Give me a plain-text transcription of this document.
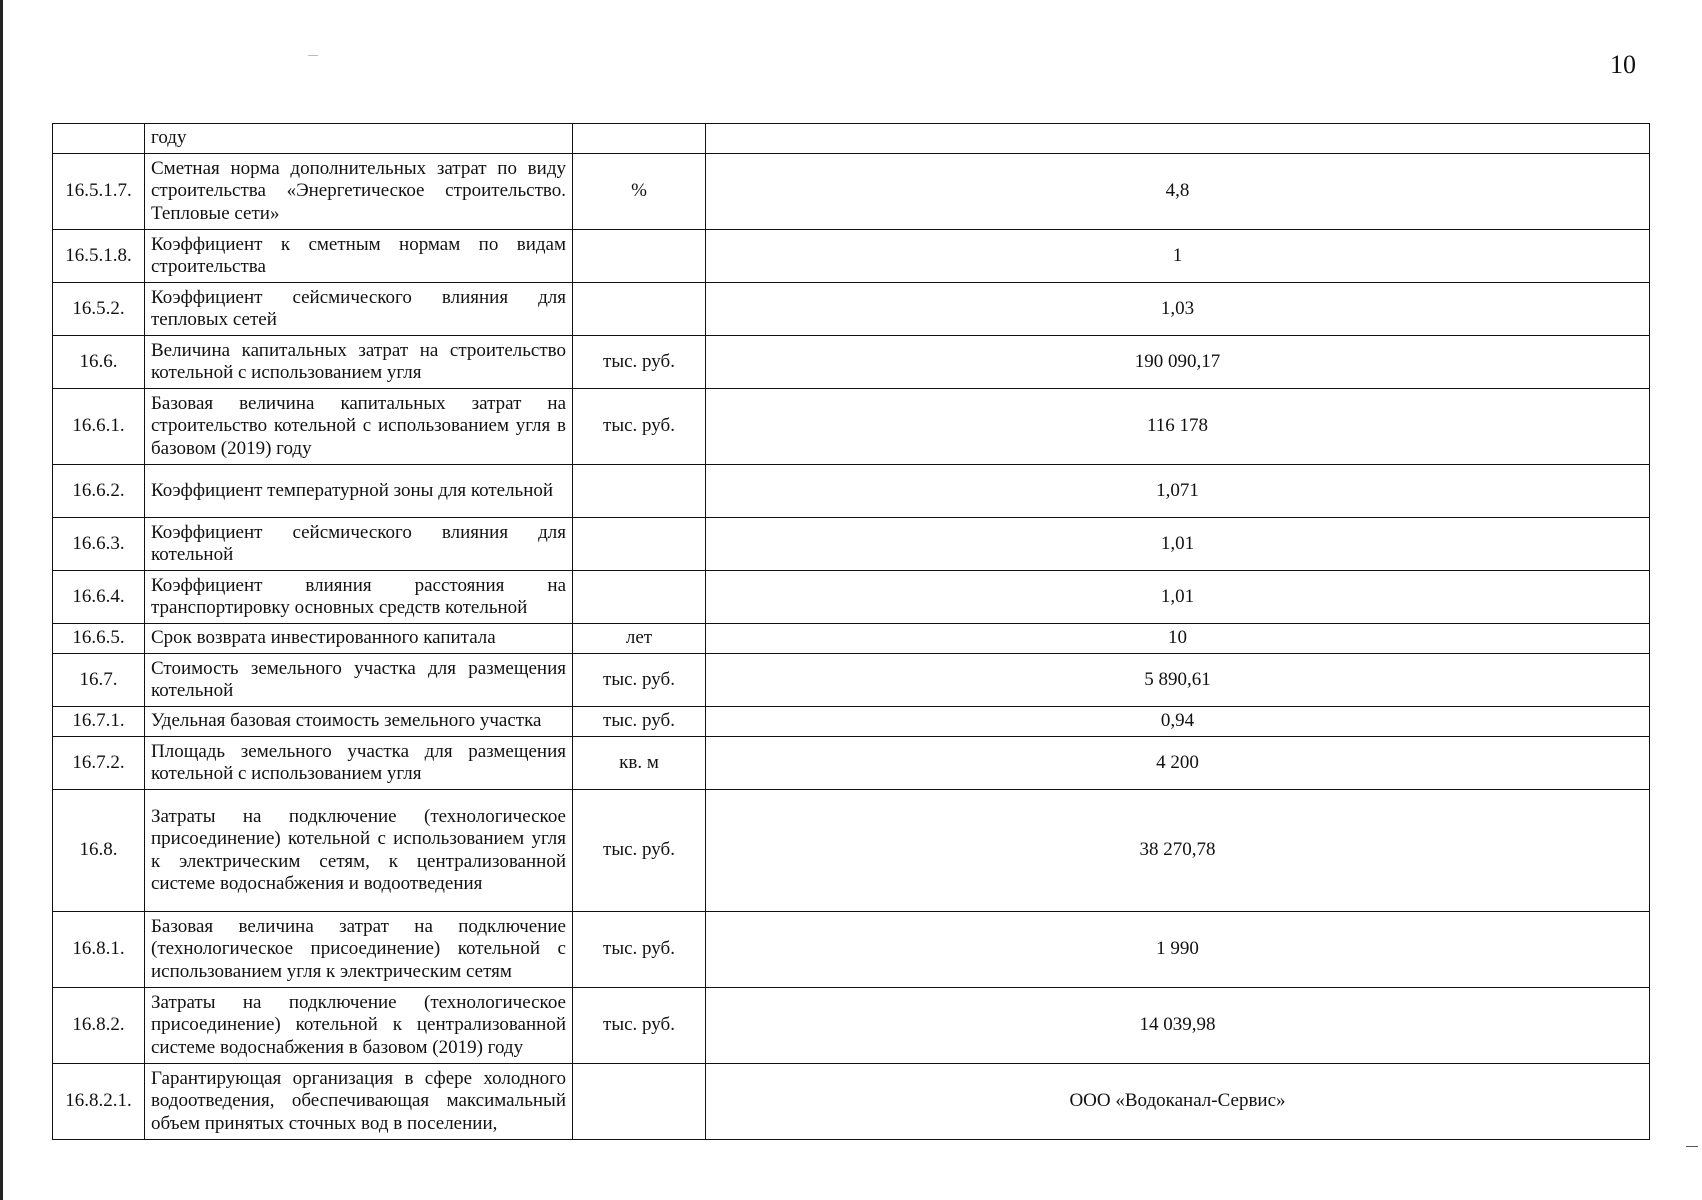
10
	году		
16.5.1.7.	Сметная норма дополнительных затрат по виду строительства «Энергетическое строительство. Тепловые сети»	%	4,8
16.5.1.8.	Коэффициент к сметным нормам по видам строительства		1
16.5.2.	Коэффициент сейсмического влияния для тепловых сетей		1,03
16.6.	Величина капитальных затрат на строительство котельной с использованием угля	тыс. руб.	190 090,17
16.6.1.	Базовая величина капитальных затрат на строительство котельной с использованием угля в базовом (2019) году	тыс. руб.	116 178
16.6.2.	Коэффициент температурной зоны для котельной		1,071
16.6.3.	Коэффициент сейсмического влияния для котельной		1,01
16.6.4.	Коэффициент влияния расстояния на транспортировку основных средств котельной		1,01
16.6.5.	Срок возврата инвестированного капитала	лет	10
16.7.	Стоимость земельного участка для размещения котельной	тыс. руб.	5 890,61
16.7.1.	Удельная базовая стоимость земельного участка	тыс. руб.	0,94
16.7.2.	Площадь земельного участка для размещения котельной с использованием угля	кв. м	4 200
16.8.	Затраты на подключение (технологическое присоединение) котельной с использованием угля к электрическим сетям, к централизованной системе водоснабжения и водоотведения	тыс. руб.	38 270,78
16.8.1.	Базовая величина затрат на подключение (технологическое присоединение) котельной с использованием угля к электрическим сетям	тыс. руб.	1 990
16.8.2.	Затраты на подключение (технологическое присоединение) котельной к централизованной системе водоснабжения в базовом (2019) году	тыс. руб.	14 039,98
16.8.2.1.	Гарантирующая организация в сфере холодного водоотведения, обеспечивающая максимальный объем принятых сточных вод в поселении,		ООО «Водоканал-Сервис»
